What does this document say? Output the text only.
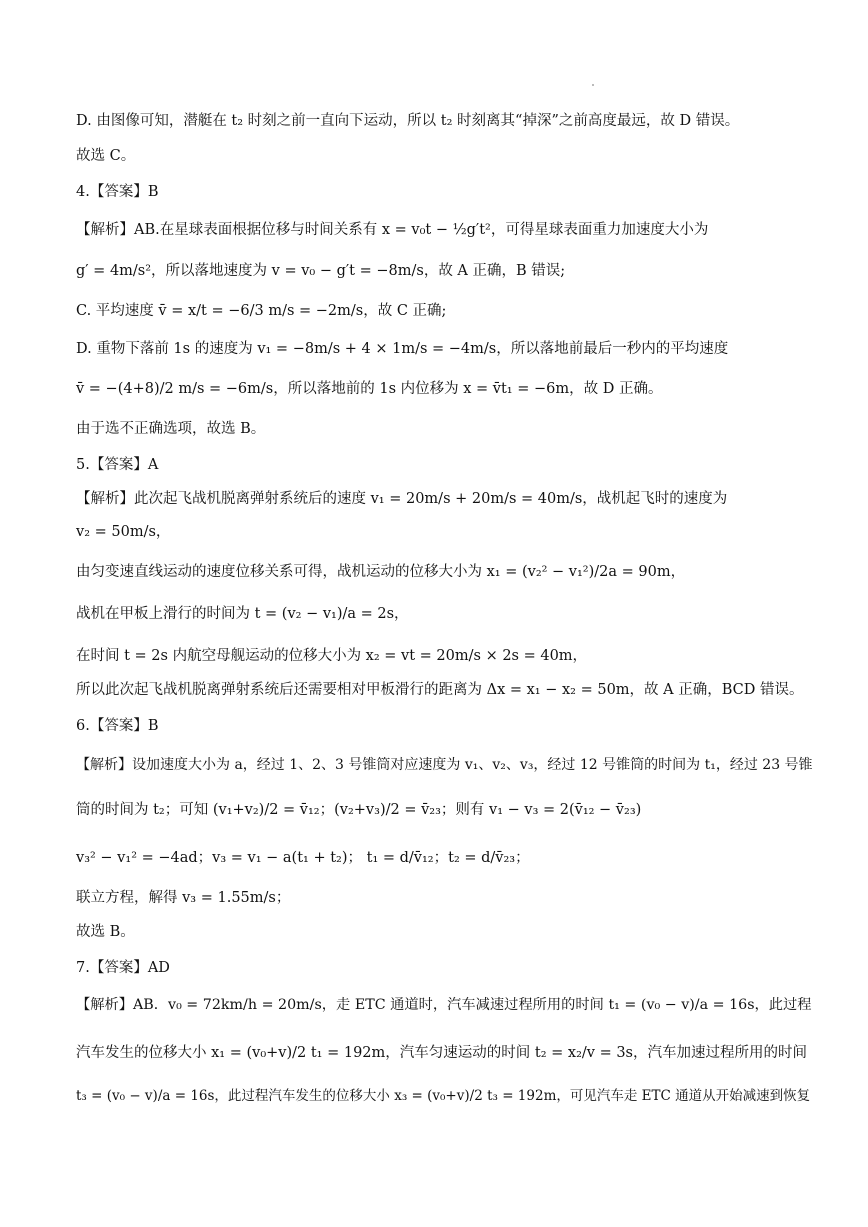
D. 由图像可知，潜艇在 t₂ 时刻之前一直向下运动，所以 t₂ 时刻离其“掉深”之前高度最远，故 D 错误。
故选 C。
4.【答案】B
【解析】AB.在星球表面根据位移与时间关系有 x = v₀t − ½g′t²，可得星球表面重力加速度大小为
g′ = 4m/s²，所以落地速度为 v = v₀ − g′t = −8m/s，故 A 正确，B 错误;
C. 平均速度 v̄ = x/t = −6/3 m/s = −2m/s，故 C 正确;
D. 重物下落前 1s 的速度为 v₁ = −8m/s + 4 × 1m/s = −4m/s，所以落地前最后一秒内的平均速度
v̄ = −(4+8)/2 m/s = −6m/s，所以落地前的 1s 内位移为 x = v̄t₁ = −6m，故 D 正确。
由于选不正确选项，故选 B。
5.【答案】A
【解析】此次起飞战机脱离弹射系统后的速度 v₁ = 20m/s + 20m/s = 40m/s，战机起飞时的速度为
v₂ = 50m/s，
由匀变速直线运动的速度位移关系可得，战机运动的位移大小为 x₁ = (v₂² − v₁²)/2a = 90m，
战机在甲板上滑行的时间为 t = (v₂ − v₁)/a = 2s，
在时间 t = 2s 内航空母舰运动的位移大小为 x₂ = vt = 20m/s × 2s = 40m，
所以此次起飞战机脱离弹射系统后还需要相对甲板滑行的距离为 Δx = x₁ − x₂ = 50m，故 A 正确，BCD 错误。
6.【答案】B
【解析】设加速度大小为 a，经过 1、2、3 号锥筒对应速度为 v₁、v₂、v₃，经过 12 号锥筒的时间为 t₁，经过 23 号锥
筒的时间为 t₂；可知 (v₁+v₂)/2 = v̄₁₂；(v₂+v₃)/2 = v̄₂₃；则有 v₁ − v₃ = 2(v̄₁₂ − v̄₂₃)
v₃² − v₁² = −4ad；v₃ = v₁ − a(t₁ + t₂)； t₁ = d/v̄₁₂；t₂ = d/v̄₂₃；
联立方程，解得 v₃ = 1.55m/s；
故选 B。
7.【答案】AD
【解析】AB．v₀ = 72km/h = 20m/s，走 ETC 通道时，汽车减速过程所用的时间 t₁ = (v₀ − v)/a = 16s，此过程
汽车发生的位移大小 x₁ = (v₀+v)/2 t₁ = 192m，汽车匀速运动的时间 t₂ = x₂/v = 3s，汽车加速过程所用的时间
t₃ = (v₀ − v)/a = 16s，此过程汽车发生的位移大小 x₃ = (v₀+v)/2 t₃ = 192m，可见汽车走 ETC 通道从开始减速到恢复
